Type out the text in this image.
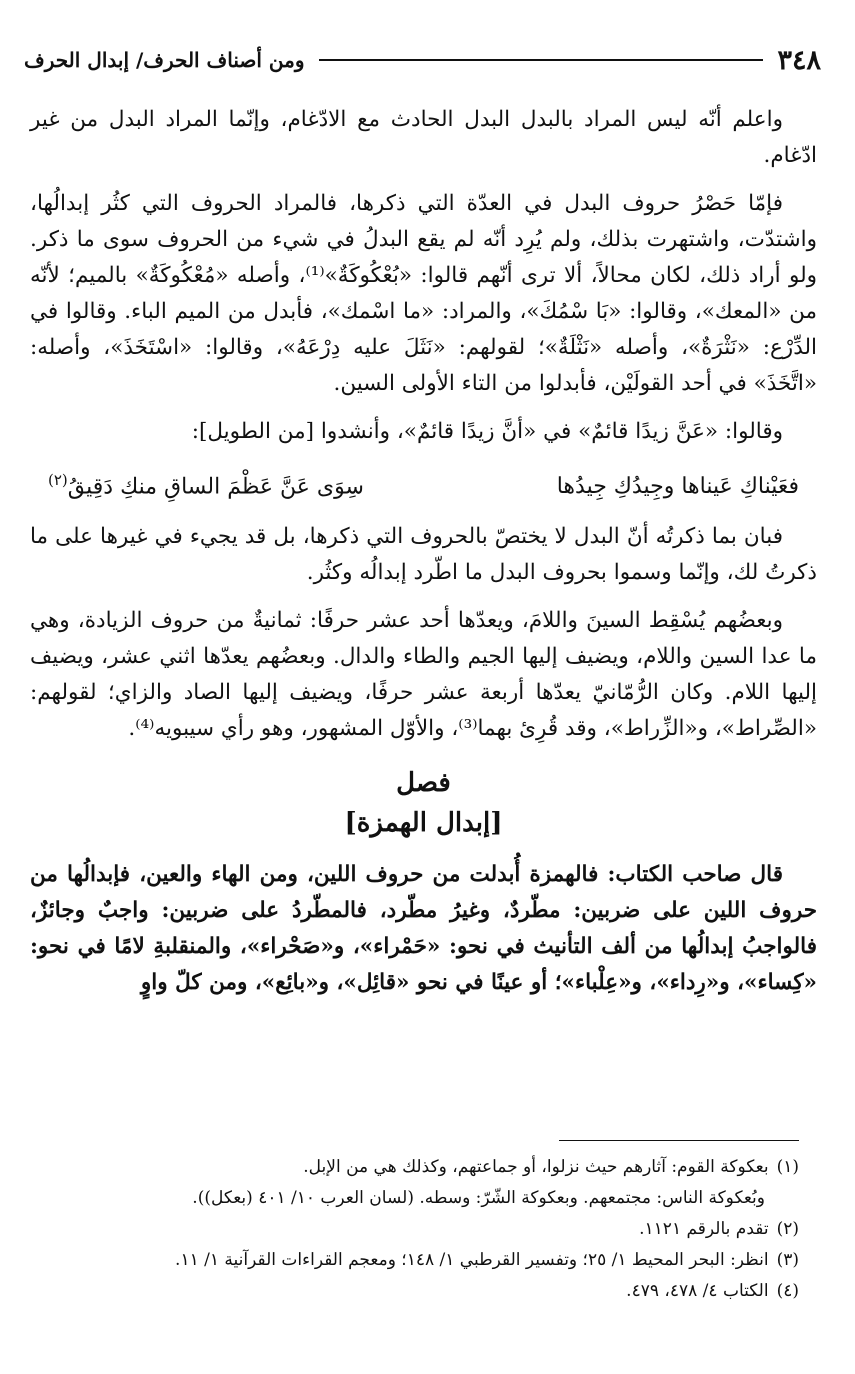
٣٤٨
ومن أصناف الحرف/ إبدال الحرف

واعلم أنّه ليس المراد بالبدل البدل الحادث مع الادّغام، وإنّما المراد البدل من غير ادّغام.

فإمّا حَصْرُ حروف البدل في العدّة التي ذكرها، فالمراد الحروف التي كثُر إبدالُها، واشتدّت، واشتهرت بذلك، ولم يُرِد أنّه لم يقع البدلُ في شيء من الحروف سوى ما ذكر. ولو أراد ذلك، لكان محالاً، ألا ترى أنّهم قالوا: «بُعْكُوكَةٌ»⁽¹⁾، وأصله «مُعْكُوكَةٌ» بالميم؛ لأنّه من «المعك»، وقالوا: «بَا سْمُكَ»، والمراد: «ما اسْمك»، فأبدل من الميم الباء. وقالوا في الدِّرْع: «نَثْرَةٌ»، وأصله «نَثْلَةٌ»؛ لقولهم: «نَثَلَ عليه دِرْعَهُ»، وقالوا: «اسْتَخَذَ»، وأصله: «اتَّخَذَ» في أحد القولَيْن، فأبدلوا من التاء الأولى السين.

وقالوا: «عَنَّ زيدًا قائمٌ» في «أنَّ زيدًا قائمٌ»، وأنشدوا [من الطويل]:

فعَيْناكِ عَيناها وجِيدُكِ جِيدُها
سِوَى عَنَّ عَظْمَ الساقِ منكِ دَقِيقُ$^{(٢)}$

فبان بما ذكرتُه أنّ البدل لا يختصّ بالحروف التي ذكرها، بل قد يجيء في غيرها على ما ذكرتُ لك، وإنّما وسموا بحروف البدل ما اطّرد إبدالُه وكثُر.

وبعضُهم يُسْقِط السينَ واللامَ، ويعدّها أحد عشر حرفًا: ثمانيةٌ من حروف الزيادة، وهي ما عدا السين واللام، ويضيف إليها الجيم والطاء والدال. وبعضُهم يعدّها اثني عشر، ويضيف إليها اللام. وكان الرُّمّانيّ يعدّها أربعة عشر حرفًا، ويضيف إليها الصاد والزاي؛ لقولهم: «الصِّراط»، و«الزِّراط»، وقد قُرِئ بهما⁽³⁾، والأوّل المشهور، وهو رأي سيبويه⁽⁴⁾.

فصل
[إبدال الهمزة]

قال صاحب الكتاب: فالهمزة أُبدلت من حروف اللين، ومن الهاء والعين، فإبدالُها من حروف اللين على ضربين: مطّردٌ، وغيرُ مطّرد، فالمطّردُ على ضربين: واجبٌ وجائزٌ، فالواجبُ إبدالُها من ألف التأنيث في نحو: «حَمْراء»، و«صَحْراء»، والمنقلبةِ لامًا في نحو: «كِساء»، و«رِداء»، و«عِلْباء»؛ أو عينًا في نحو «قائِل»، و«بائِع»، ومن كلّ واوٍ

(١)بعكوكة القوم: آثارهم حيث نزلوا، أو جماعتهم، وكذلك هي من الإبل.

وبُعكوكة الناس: مجتمعهم. وبعكوكة الشّرّ: وسطه. (لسان العرب ١٠/ ٤٠١ (بعكل)).

(٢)تقدم بالرقم ١١٢١.

(٣)انظر: البحر المحيط ١/ ٢٥؛ وتفسير القرطبي ١/ ١٤٨؛ ومعجم القراءات القرآنية ١/ ١١.

(٤)الكتاب ٤/ ٤٧٨، ٤٧٩.
